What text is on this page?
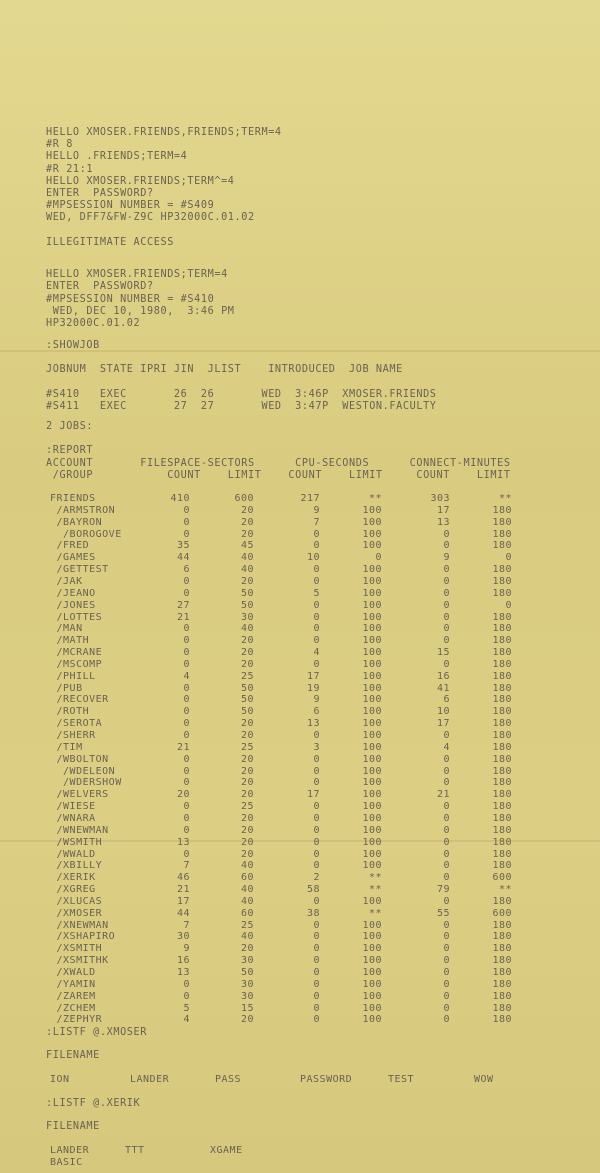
HELLO XMOSER.FRIENDS,FRIENDS;TERM=4
#R 8
HELLO .FRIENDS;TERM=4
#R 21:1
HELLO XMOSER.FRIENDS;TERM^=4
ENTER  PASSWORD?
#MPSESSION NUMBER = #S409
WED, DFF7&FW-Z9C HP32000C.01.02
ILLEGITIMATE ACCESS
HELLO XMOSER.FRIENDS;TERM=4
ENTER  PASSWORD?
#MPSESSION NUMBER = #S410
WED, DEC 10, 1980,  3:46 PM
HP32000C.01.02
:SHOWJOB
JOBNUM  STATE IPRI JIN  JLIST    INTRODUCED  JOB NAME
#S410   EXEC       26  26       WED  3:46P  XMOSER.FRIENDS
#S411   EXEC       27  27       WED  3:47P  WESTON.FACULTY
2 JOBS:
:REPORT
ACCOUNT       FILESPACE-SECTORS      CPU-SECONDS      CONNECT-MINUTES
/GROUP           COUNT    LIMIT    COUNT    LIMIT     COUNT    LIMIT
FRIENDS	410	600	217	**	303	**
/ARMSTRON	0	20	9	100	17	180
/BAYRON	0	20	7	100	13	180
/BOROGOVE	0	20	0	100	0	180
/FRED	35	45	0	100	0	180
/GAMES	44	40	10	0	9	0
/GETTEST	6	40	0	100	0	180
/JAK	0	20	0	100	0	180
/JEANO	0	50	5	100	0	180
/JONES	27	50	0	100	0	0
/LOTTES	21	30	0	100	0	180
/MAN	0	40	0	100	0	180
/MATH	0	20	0	100	0	180
/MCRANE	0	20	4	100	15	180
/MSCOMP	0	20	0	100	0	180
/PHILL	4	25	17	100	16	180
/PUB	0	50	19	100	41	180
/RECOVER	0	50	9	100	6	180
/ROTH	0	50	6	100	10	180
/SEROTA	0	20	13	100	17	180
/SHERR	0	20	0	100	0	180
/TIM	21	25	3	100	4	180
/WBOLTON	0	20	0	100	0	180
/WDELEON	0	20	0	100	0	180
/WDERSHOW	0	20	0	100	0	180
/WELVERS	20	20	17	100	21	180
/WIESE	0	25	0	100	0	180
/WNARA	0	20	0	100	0	180
/WNEWMAN	0	20	0	100	0	180
/WSMITH	13	20	0	100	0	180
/WWALD	0	20	0	100	0	180
/XBILLY	7	40	0	100	0	180
/XERIK	46	60	2	**	0	600
/XGREG	21	40	58	**	79	**
/XLUCAS	17	40	0	100	0	180
/XMOSER	44	60	38	**	55	600
/XNEWMAN	7	25	0	100	0	180
/XSHAPIRO	30	40	0	100	0	180
/XSMITH	9	20	0	100	0	180
/XSMITHK	16	30	0	100	0	180
/XWALD	13	50	0	100	0	180
/YAMIN	0	30	0	100	0	180
/ZAREM	0	30	0	100	0	180
/ZCHEM	5	15	0	100	0	180
/ZEPHYR	4	20	0	100	0	180
:LISTF @.XMOSER
FILENAME
ION	LANDER	PASS	PASSWORD	TEST	WOW
:LISTF @.XERIK
FILENAME
LANDER	TTT	XGAME
BASIC
